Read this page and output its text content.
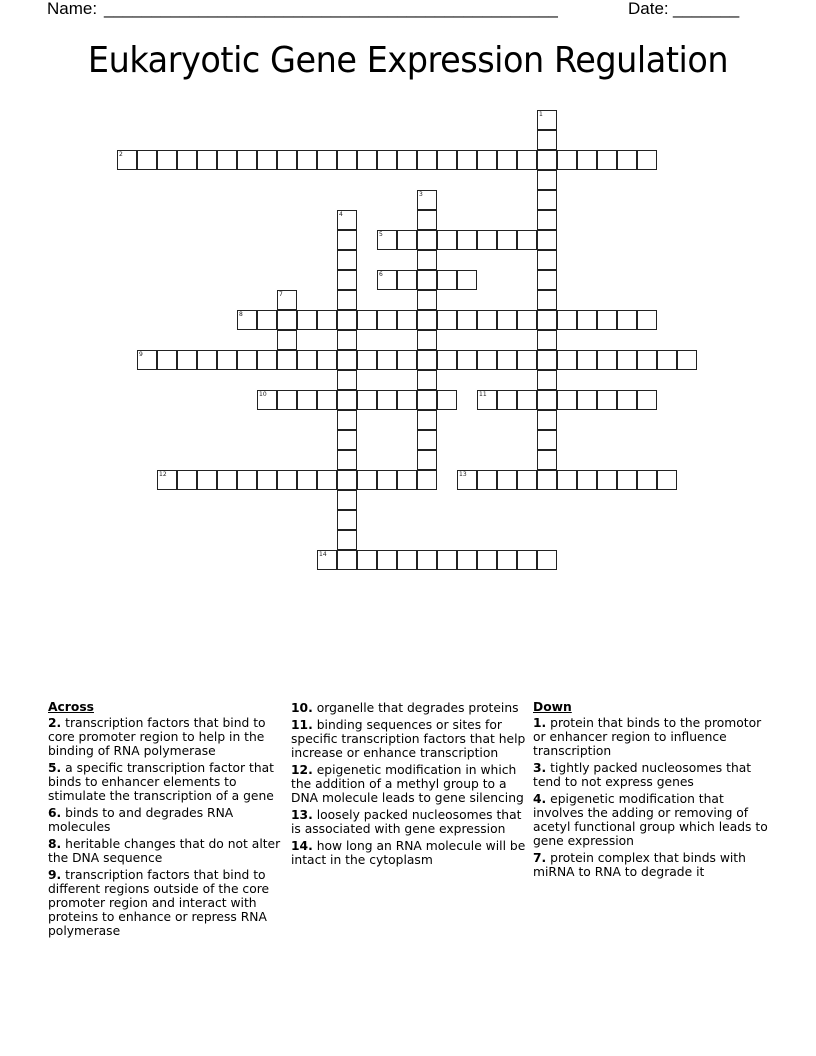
Name: ________________________________________________	Date: _______
Eukaryotic Gene Expression Regulation
1
2
3
4
5
6
7
8
9
10	11
12	13
14
Across
2. transcription factors that bind to core promoter region to help in the binding of RNA polymerase
5. a specific transcription factor that binds to enhancer elements to stimulate the transcription of a gene
6. binds to and degrades RNA molecules
8. heritable changes that do not alter the DNA sequence
9. transcription factors that bind to different regions outside of the core promoter region and interact with proteins to enhance or repress RNA polymerase
10. organelle that degrades proteins
11. binding sequences or sites for specific transcription factors that help increase or enhance transcription
12. epigenetic modification in which the addition of a methyl group to a DNA molecule leads to gene silencing
13. loosely packed nucleosomes that is associated with gene expression
14. how long an RNA molecule will be intact in the cytoplasm
Down
1. protein that binds to the promotor or enhancer region to influence transcription
3. tightly packed nucleosomes that tend to not express genes
4. epigenetic modification that involves the adding or removing of acetyl functional group which leads to gene expression
7. protein complex that binds with miRNA to RNA to degrade it
